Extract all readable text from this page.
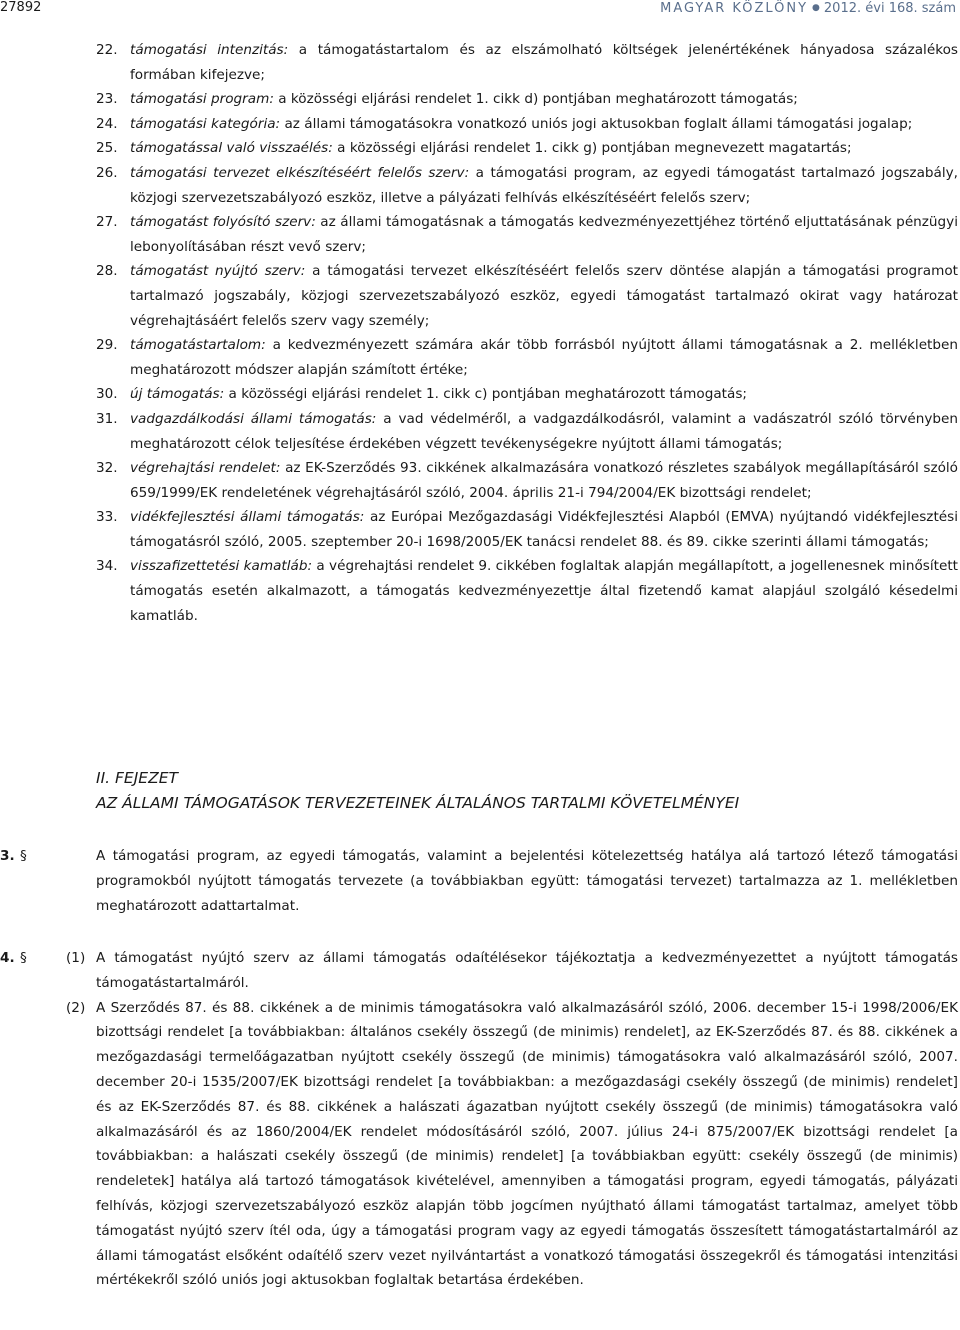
27892	MAGYAR KÖZLÖNY ● 2012. évi 168. szám
22. támogatási intenzitás: a támogatástartalom és az elszámolható költségek jelenértékének hányadosa százalékos formában kifejezve;
23. támogatási program: a közösségi eljárási rendelet 1. cikk d) pontjában meghatározott támogatás;
24. támogatási kategória: az állami támogatásokra vonatkozó uniós jogi aktusokban foglalt állami támogatási jogalap;
25. támogatással való visszaélés: a közösségi eljárási rendelet 1. cikk g) pontjában megnevezett magatartás;
26. támogatási tervezet elkészítéséért felelős szerv: a támogatási program, az egyedi támogatást tartalmazó jogszabály, közjogi szervezetszabályozó eszköz, illetve a pályázati felhívás elkészítéséért felelős szerv;
27. támogatást folyósító szerv: az állami támogatásnak a támogatás kedvezményezettjéhez történő eljuttatásának pénzügyi lebonyolításában részt vevő szerv;
28. támogatást nyújtó szerv: a támogatási tervezet elkészítéséért felelős szerv döntése alapján a támogatási programot tartalmazó jogszabály, közjogi szervezetszabályozó eszköz, egyedi támogatást tartalmazó okirat vagy határozat végrehajtásáért felelős szerv vagy személy;
29. támogatástartalom: a kedvezményezett számára akár több forrásból nyújtott állami támogatásnak a 2. mellékletben meghatározott módszer alapján számított értéke;
30. új támogatás: a közösségi eljárási rendelet 1. cikk c) pontjában meghatározott támogatás;
31. vadgazdálkodási állami támogatás: a vad védelméről, a vadgazdálkodásról, valamint a vadászatról szóló törvényben meghatározott célok teljesítése érdekében végzett tevékenységekre nyújtott állami támogatás;
32. végrehajtási rendelet: az EK-Szerződés 93. cikkének alkalmazására vonatkozó részletes szabályok megállapításáról szóló 659/1999/EK rendeletének végrehajtásáról szóló, 2004. április 21-i 794/2004/EK bizottsági rendelet;
33. vidékfejlesztési állami támogatás: az Európai Mezőgazdasági Vidékfejlesztési Alapból (EMVA) nyújtandó vidékfejlesztési támogatásról szóló, 2005. szeptember 20-i 1698/2005/EK tanácsi rendelet 88. és 89. cikke szerinti állami támogatás;
34. visszafizettetési kamatláb: a végrehajtási rendelet 9. cikkében foglaltak alapján megállapított, a jogellenesnek minősített támogatás esetén alkalmazott, a támogatás kedvezményezettje által fizetendő kamat alapjául szolgáló késedelmi kamatláb.
II. FEJEZET
AZ ÁLLAMI TÁMOGATÁSOK TERVEZETEINEK ÁLTALÁNOS TARTALMI KÖVETELMÉNYEI
3. §	A támogatási program, az egyedi támogatás, valamint a bejelentési kötelezettség hatálya alá tartozó létező támogatási programokból nyújtott támogatás tervezete (a továbbiakban együtt: támogatási tervezet) tartalmazza az 1. mellékletben meghatározott adattartalmat.
4. §	(1) A támogatást nyújtó szerv az állami támogatás odaítélésekor tájékoztatja a kedvezményezettet a nyújtott támogatás támogatástartalmáról.
(2) A Szerződés 87. és 88. cikkének a de minimis támogatásokra való alkalmazásáról szóló, 2006. december 15-i 1998/2006/EK bizottsági rendelet [a továbbiakban: általános csekély összegű (de minimis) rendelet], az EK-Szerződés 87. és 88. cikkének a mezőgazdasági termelőágazatban nyújtott csekély összegű (de minimis) támogatásokra való alkalmazásáról szóló, 2007. december 20-i 1535/2007/EK bizottsági rendelet [a továbbiakban: a mezőgazdasági csekély összegű (de minimis) rendelet] és az EK-Szerződés 87. és 88. cikkének a halászati ágazatban nyújtott csekély összegű (de minimis) támogatásokra való alkalmazásáról és az 1860/2004/EK rendelet módosításáról szóló, 2007. július 24-i 875/2007/EK bizottsági rendelet [a továbbiakban: a halászati csekély összegű (de minimis) rendelet] [a továbbiakban együtt: csekély összegű (de minimis) rendeletek] hatálya alá tartozó támogatások kivételével, amennyiben a támogatási program, egyedi támogatás, pályázati felhívás, közjogi szervezetszabályozó eszköz alapján több jogcímen nyújtható állami támogatást tartalmaz, amelyet több támogatást nyújtó szerv ítél oda, úgy a támogatási program vagy az egyedi támogatás összesített támogatástartalmáról az állami támogatást elsőként odaítélő szerv vezet nyilvántartást a vonatkozó támogatási összegekről és támogatási intenzitási mértékekről szóló uniós jogi aktusokban foglaltak betartása érdekében.
